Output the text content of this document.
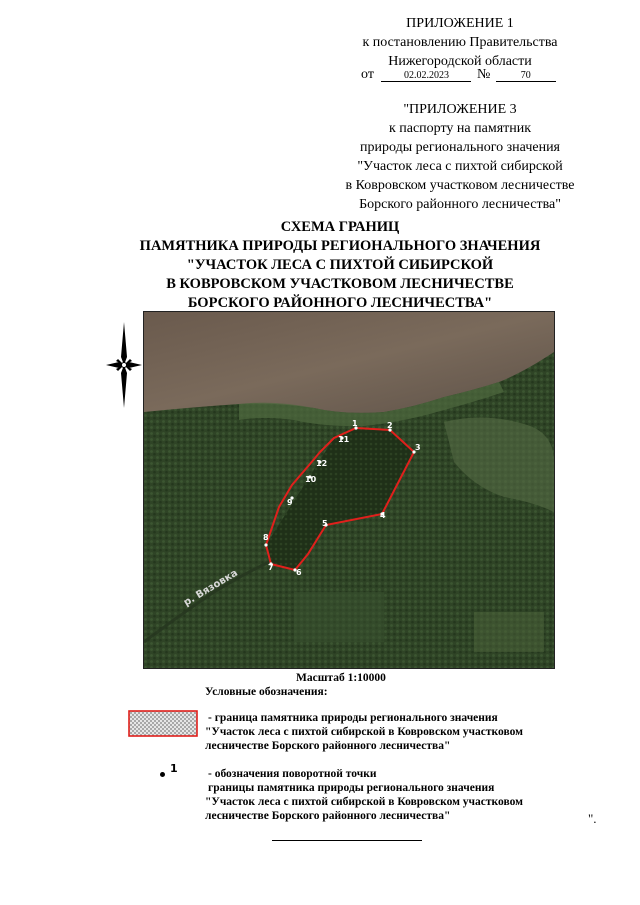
ПРИЛОЖЕНИЕ 1
к постановлению Правительства
Нижегородской области
от	02.02.2023 №	70
"ПРИЛОЖЕНИЕ 3
к паспорту на памятник
природы регионального значения
"Участок леса с пихтой сибирской
в Ковровском участковом лесничестве
Борского районного лесничества"
СХЕМА ГРАНИЦ
ПАМЯТНИКА ПРИРОДЫ РЕГИОНАЛЬНОГО ЗНАЧЕНИЯ
"УЧАСТОК ЛЕСА С ПИХТОЙ СИБИРСКОЙ
В КОВРОВСКОМ УЧАСТКОВОМ ЛЕСНИЧЕСТВЕ
БОРСКОГО РАЙОННОГО ЛЕСНИЧЕСТВА"
р. Вязовка
1	2
3
4
5
6
7
8
9
10
11
12
Масштаб 1:10000
Условные обозначения:
- граница памятника природы регионального значения
"Участок леса с пихтой сибирской в Ковровском участковом
лесничестве Борского районного лесничества"
1	- обозначения поворотной точки
границы памятника природы регионального значения
"Участок леса с пихтой сибирской в Ковровском участковом
лесничестве Борского районного лесничества"	".
